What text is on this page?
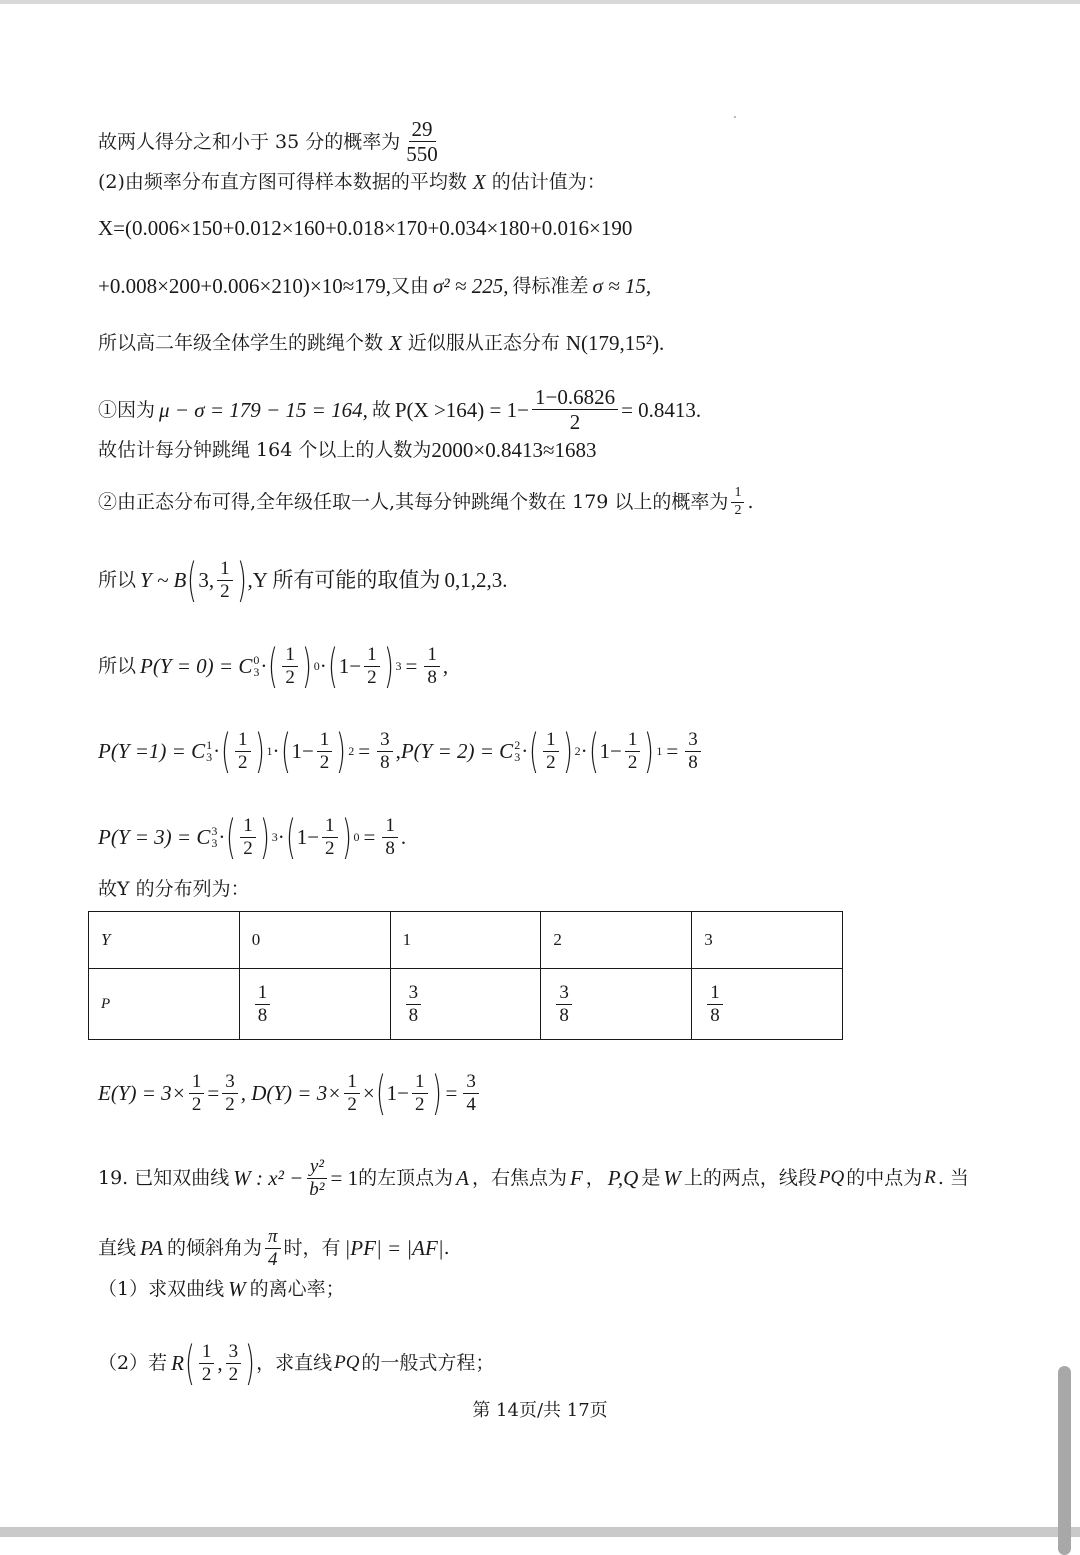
故两人得分之和小于 35 分的概率为 $\frac{29}{550}$
(2)由频率分布直方图可得样本数据的平均数 X 的估计值为：
X=(0.006×150+0.012×160+0.018×170+0.034×180+0.016×190
+0.008×200+0.006×210)×10≈179, 又由 σ² ≈ 225, 得标准差 σ ≈ 15,
所以高二年级全体学生的跳绳个数 X 近似服从正态分布 N(179,15²).
①因为 μ − σ = 179 − 15 = 164, 故 $P(X >164) = 1- \frac{1-0.6826}{2} = 0.8413$.
故估计每分钟跳绳 164 个以上的人数为 2000×0.8413≈1683
②由正态分布可得,全年级任取一人,其每分钟跳绳个数在 179 以上的概率为 $\frac{1}{2}$ .
所以 Y ~ B ( 3, $\frac{1}{2}$ ) ,Y 所有可能的取值为 0,1,2,3.
所以 P(Y = 0) = C 0
3 · ( $\frac{1}{2}$ ) 0 · ( $1- \frac{1}{2}$ ) $3 = \frac{1}{8}$ ,
P(Y =1) = C 1
3 · ( $\frac{1}{2}$ ) 1 · ( $1- \frac{1}{2}$ ) $2 = \frac{3}{8}$ , P(Y = 2) = C 2
3 · ( $\frac{1}{2}$ ) 2 · ( $1- \frac{1}{2}$ ) $1 = \frac{3}{8}$
P(Y = 3) = C 3
3 · ( $\frac{1}{2}$ ) 3 · ( $1- \frac{1}{2}$ ) $0 = \frac{1}{8}$ .
故Y 的分布列为：
Y	0	1	2	3
P	$\frac{1}{8}$	$\frac{3}{8}$	$\frac{3}{8}$	$\frac{1}{8}$
$E(Y) = 3\times \frac{1}{2} = \frac{3}{2}$ , $D(Y) = 3\times \frac{1}{2}$ × ( $1- \frac{1}{2}$ ) = $\frac{3}{4}$
19. 已知双曲线 W : $x^2 - \frac{\text{y²}}{\text{b²}} = 1$ 的左顶点为 A ，右焦点为 F ， P,Q 是 W 上的两点，线段 PQ 的中点为 R . 当
直线 PA 的倾斜角为 $\frac{\pi}{4}$ 时，有 |PF| = |AF| .
（1）求双曲线 W 的离心率；
（2）若 R ( $\frac{1}{2}$ , $\frac{3}{2}$ ) ，求直线 PQ 的一般式方程；
第 14页/共 17页
